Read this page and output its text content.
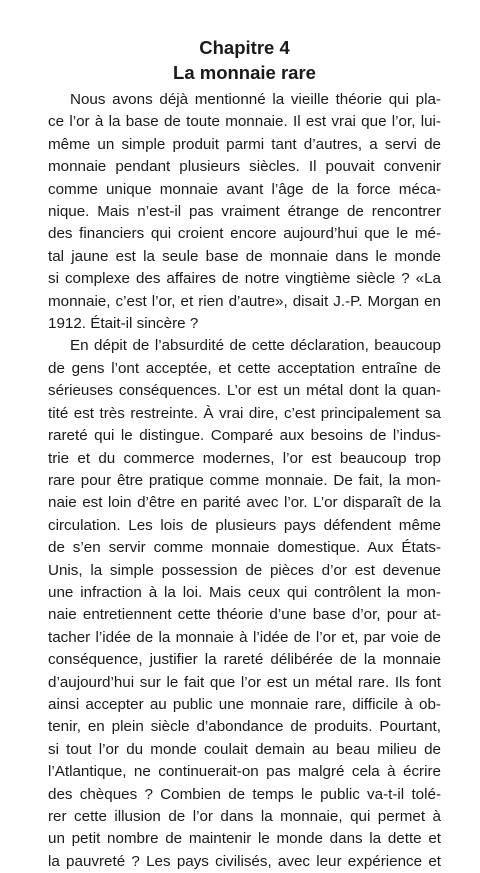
Chapitre 4
La monnaie rare
Nous avons déjà mentionné la vieille théorie qui pla-
ce l’or à la base de toute monnaie. Il est vrai que l’or, lui-
même un simple produit parmi tant d’autres, a servi de
monnaie pendant plusieurs siècles. Il pouvait convenir
comme unique monnaie avant l’âge de la force méca-
nique. Mais n’est-il pas vraiment étrange de rencontrer
des financiers qui croient encore aujourd’hui que le mé-
tal jaune est la seule base de monnaie dans le monde
si complexe des affaires de notre vingtième siècle ? «La
monnaie, c’est l’or, et rien d’autre», disait J.-P. Morgan en
1912. Était-il sincère ?
En dépit de l’absurdité de cette déclaration, beaucoup
de gens l’ont acceptée, et cette acceptation entraîne de
sérieuses conséquences. L’or est un métal dont la quan-
tité est très restreinte. À vrai dire, c’est principalement sa
rareté qui le distingue. Comparé aux besoins de l’indus-
trie et du commerce modernes, l’or est beaucoup trop
rare pour être pratique comme monnaie. De fait, la mon-
naie est loin d’être en parité avec l’or. L’or disparaît de la
circulation. Les lois de plusieurs pays défendent même
de s’en servir comme monnaie domestique. Aux États-
Unis, la simple possession de pièces d’or est devenue
une infraction à la loi. Mais ceux qui contrôlent la mon-
naie entretiennent cette théorie d’une base d’or, pour at-
tacher l’idée de la monnaie à l’idée de l’or et, par voie de
conséquence, justifier la rareté délibérée de la monnaie
d’aujourd’hui sur le fait que l’or est un métal rare. Ils font
ainsi accepter au public une monnaie rare, difficile à ob-
tenir, en plein siècle d’abondance de produits. Pourtant,
si tout l’or du monde coulait demain au beau milieu de
l’Atlantique, ne continuerait-on pas malgré cela à écrire
des chèques ? Combien de temps le public va-t-il tolé-
rer cette illusion de l’or dans la monnaie, qui permet à
un petit nombre de maintenir le monde dans la dette et
la pauvreté ? Les pays civilisés, avec leur expérience et
